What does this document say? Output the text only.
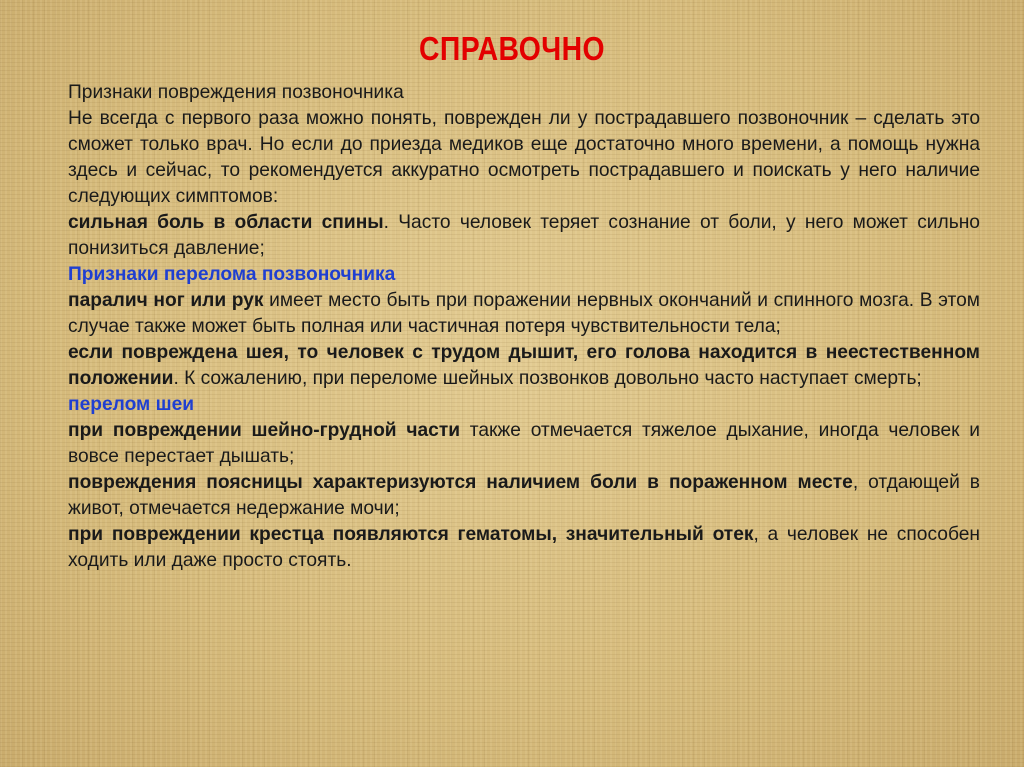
СПРАВОЧНО

Признаки повреждения позвоночника

Не всегда с первого раза можно понять, поврежден ли у пострадавшего позвоночник – сделать это сможет только врач. Но если до приезда медиков еще достаточно много времени, а помощь нужна здесь и сейчас, то рекомендуется аккуратно осмотреть пострадавшего и поискать у него наличие следующих симптомов:

сильная боль в области спины. Часто человек теряет сознание от боли, у него может сильно понизиться давление;

Признаки перелома позвоночника

паралич ног или рук имеет место быть при поражении нервных окончаний и спинного мозга. В этом случае также может быть полная или частичная потеря чувствительности тела;

если повреждена шея, то человек с трудом дышит, его голова находится в неестественном положении. К сожалению, при переломе шейных позвонков довольно часто наступает смерть;

перелом шеи

при повреждении шейно-грудной части также отмечается тяжелое дыхание, иногда человек и вовсе перестает дышать;

повреждения поясницы характеризуются наличием боли в пораженном месте, отдающей в живот, отмечается недержание мочи;

при повреждении крестца появляются гематомы, значительный отек, а человек не способен ходить или даже просто стоять.
